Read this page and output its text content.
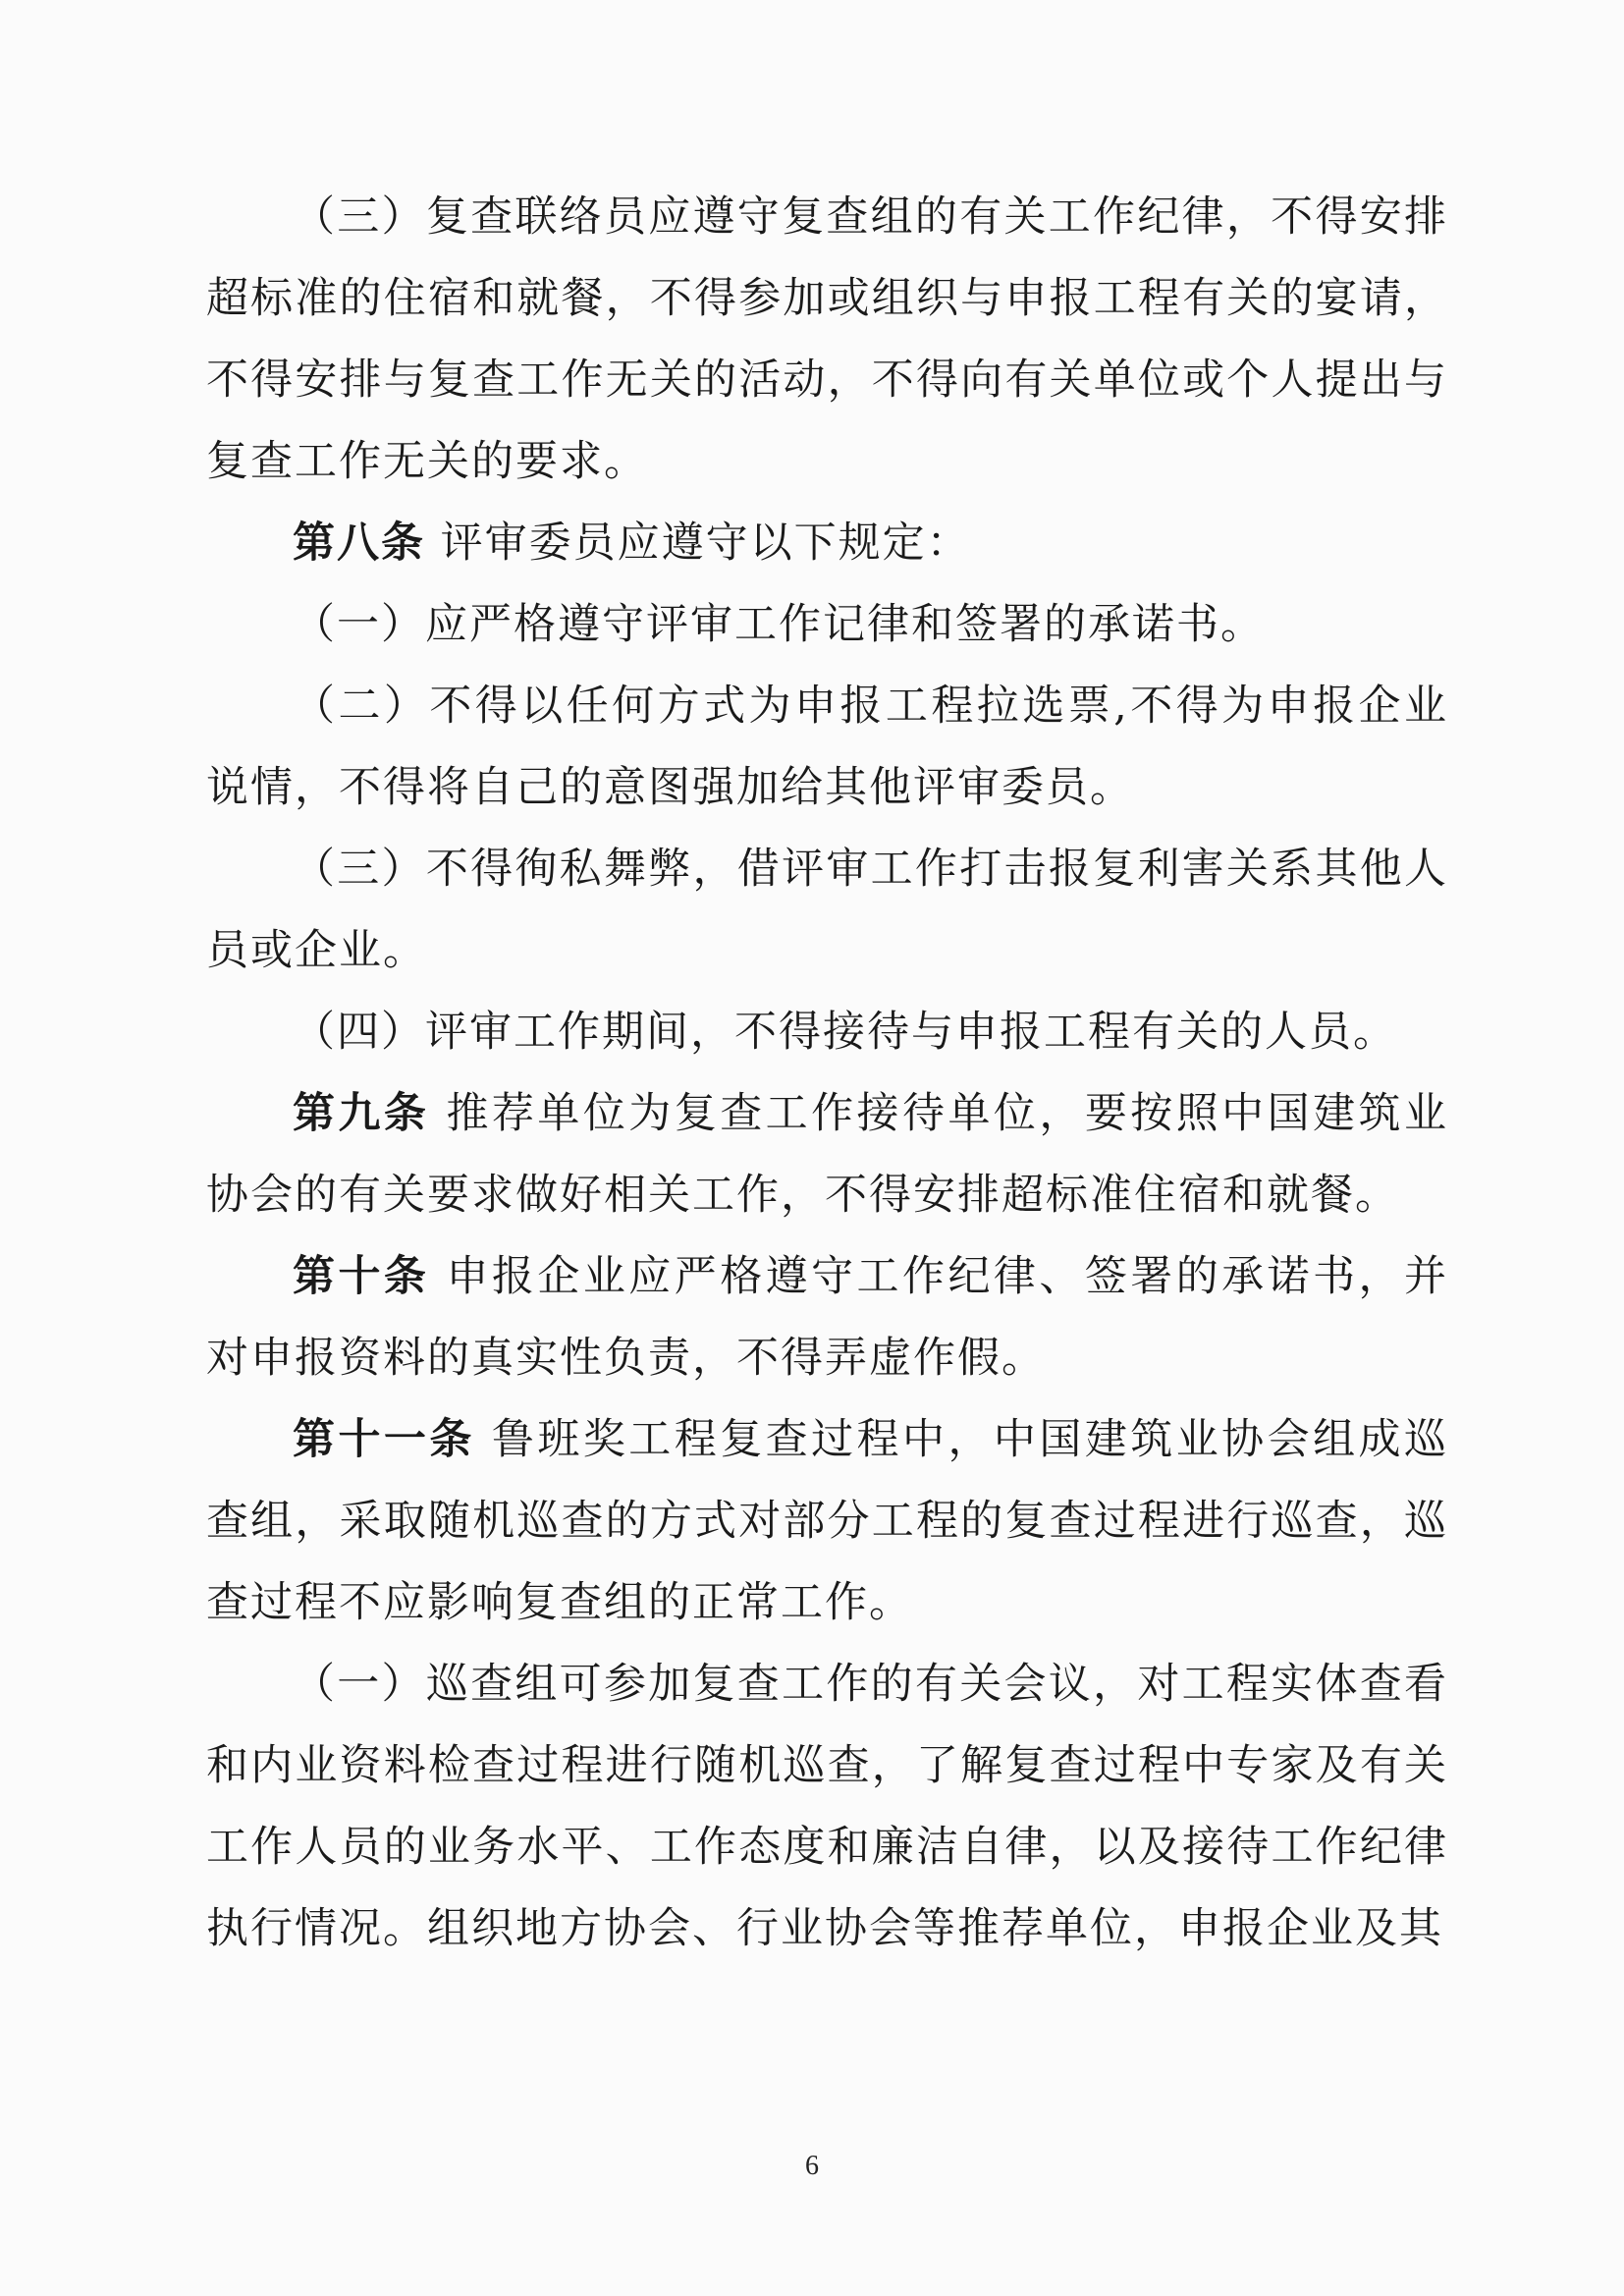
（三）复查联络员应遵守复查组的有关工作纪律，不得安排超标准的住宿和就餐，不得参加或组织与申报工程有关的宴请，不得安排与复查工作无关的活动，不得向有关单位或个人提出与复查工作无关的要求。

第八条 评审委员应遵守以下规定：

（一）应严格遵守评审工作记律和签署的承诺书。

（二）不得以任何方式为申报工程拉选票,不得为申报企业说情，不得将自己的意图强加给其他评审委员。

（三）不得徇私舞弊，借评审工作打击报复利害关系其他人员或企业。

（四）评审工作期间，不得接待与申报工程有关的人员。

第九条 推荐单位为复查工作接待单位，要按照中国建筑业协会的有关要求做好相关工作，不得安排超标准住宿和就餐。

第十条 申报企业应严格遵守工作纪律、签署的承诺书，并对申报资料的真实性负责，不得弄虚作假。

第十一条 鲁班奖工程复查过程中，中国建筑业协会组成巡查组，采取随机巡查的方式对部分工程的复查过程进行巡查，巡查过程不应影响复查组的正常工作。

（一）巡查组可参加复查工作的有关会议，对工程实体查看和内业资料检查过程进行随机巡查，了解复查过程中专家及有关工作人员的业务水平、工作态度和廉洁自律，以及接待工作纪律执行情况。组织地方协会、行业协会等推荐单位，申报企业及其

6
